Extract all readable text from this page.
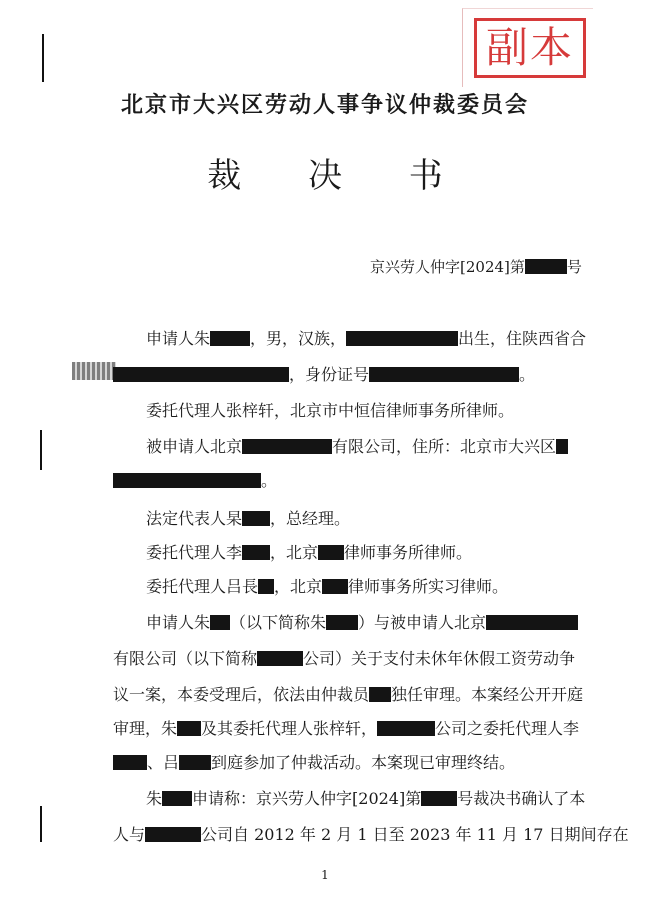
副本
北京市大兴区劳动人事争议仲裁委员会
裁 决 书
京兴劳人仲字[2024]第	号
申请人朱	，男，汉族，	出生，住陕西省合
，身份证号	。
委托代理人张梓轩，北京市中恒信律师事务所律师。
被申请人北京	有限公司，住所：北京市大兴区
。
法定代表人杲 ，总经理。
委托代理人李 ，北京 律师事务所律师。
委托代理人吕長 ，北京 律师事务所实习律师。
申请人朱 （以下简称朱 ）与被申请人北京
有限公司（以下简称	公司）关于支付未休年休假工资劳动争
议一案，本委受理后，依法由仲裁员 独任审理。本案经公开开庭
审理，朱 及其委托代理人张梓轩，	公司之委托代理人李
、吕 到庭参加了仲裁活动。本案现已审理终结。
朱 申请称：京兴劳人仲字[2024]第 号裁决书确认了本
人与	公司自 2012 年 2 月 1 日至 2023 年 11 月 17 日期间存在
1
